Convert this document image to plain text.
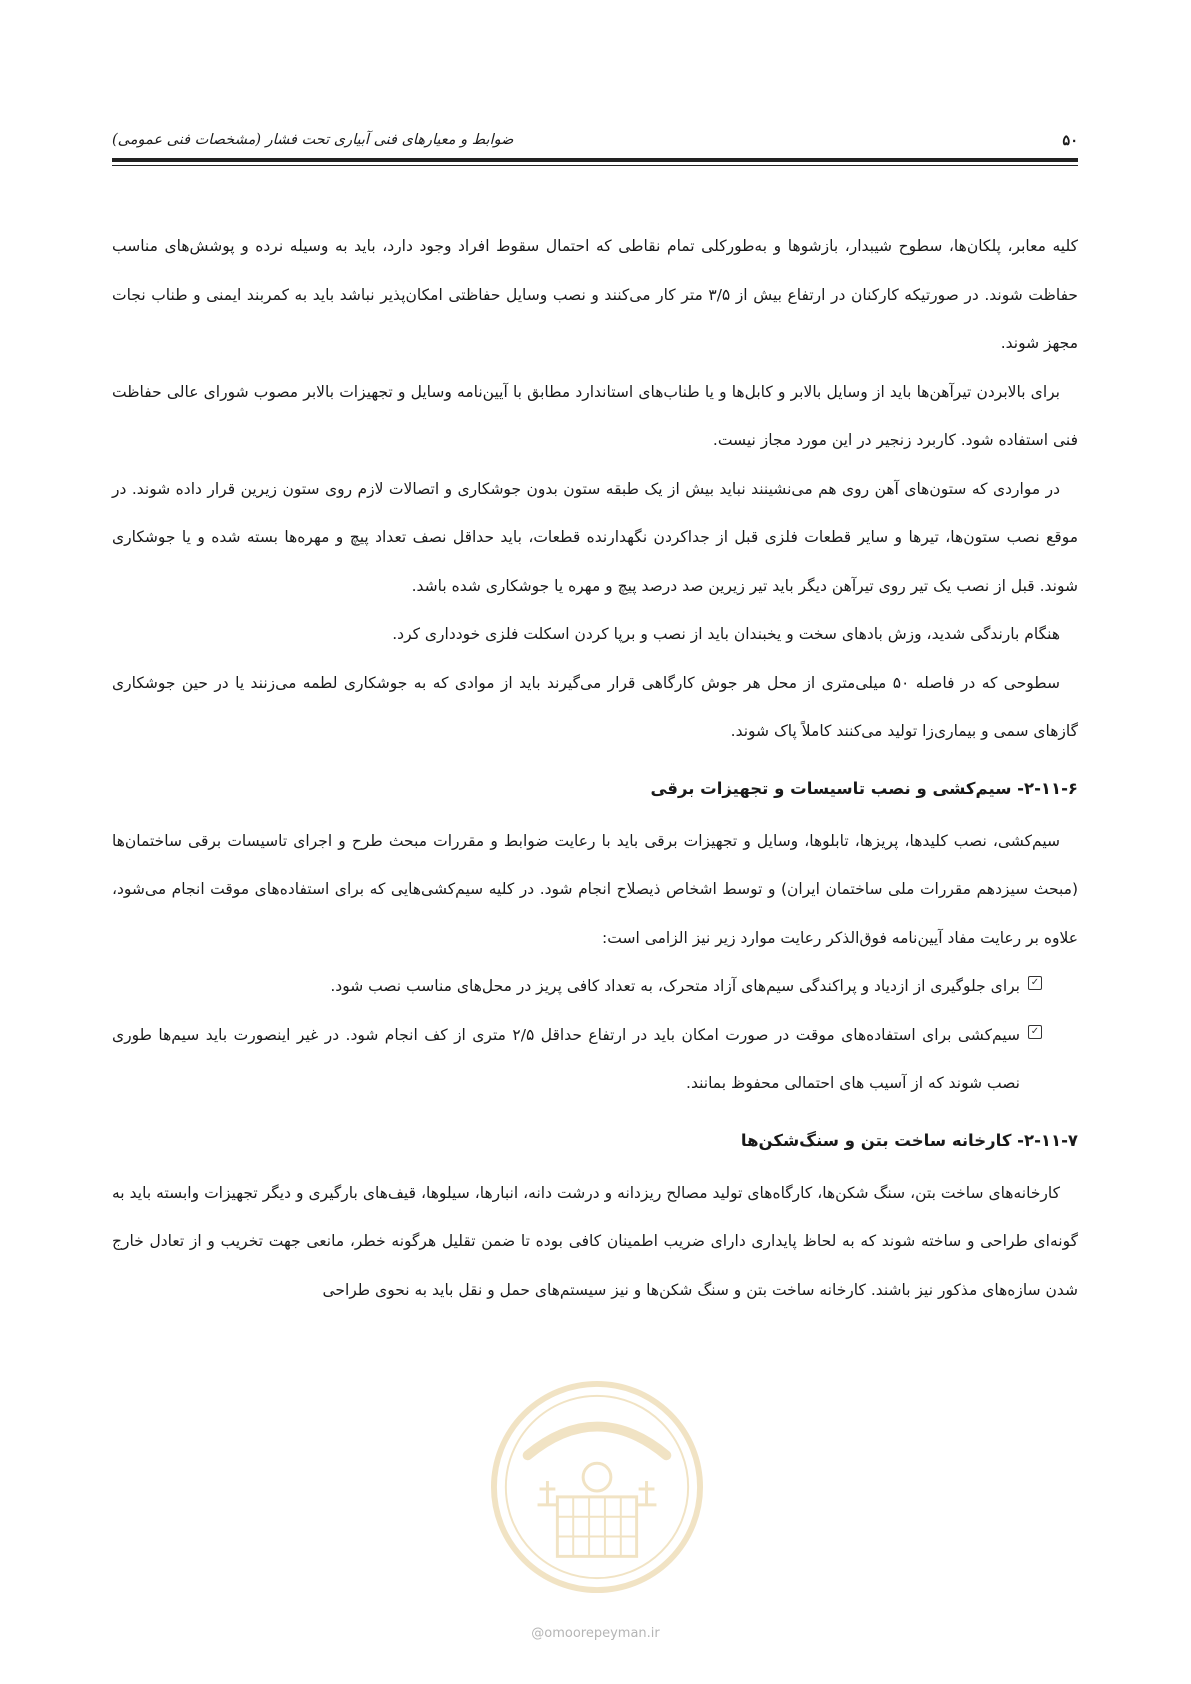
۵۰
ضوابط و معیارهای فنی آبیاری تحت فشار (مشخصات فنی عمومی)

کلیه معابر، پلکان‌ها، سطوح شیبدار، بازشوها و به‌طورکلی تمام نقاطی که احتمال سقوط افراد وجود دارد، باید به وسیله نرده و پوشش‌های مناسب حفاظت شوند. در صورتیکه کارکنان در ارتفاع بیش از ۳/۵ متر کار می‌کنند و نصب وسایل حفاظتی امکان‌پذیر نباشد باید به کمربند ایمنی و طناب نجات مجهز شوند.

برای بالابردن تیرآهن‌ها باید از وسایل بالابر و کابل‌ها و یا طناب‌های استاندارد مطابق با آیین‌نامه وسایل و تجهیزات بالابر مصوب شورای عالی حفاظت فنی استفاده شود. کاربرد زنجیر در این مورد مجاز نیست.

در مواردی که ستون‌های آهن روی هم می‌نشینند نباید بیش از یک طبقه ستون بدون جوشکاری و اتصالات لازم روی ستون زیرین قرار داده شوند. در موقع نصب ستون‌ها، تیرها و سایر قطعات فلزی قبل از جداکردن نگهدارنده قطعات، باید حداقل نصف تعداد پیچ و مهره‌ها بسته شده و یا جوشکاری شوند. قبل از نصب یک تیر روی تیرآهن دیگر باید تیر زیرین صد درصد پیچ و مهره یا جوشکاری شده باشد.

هنگام بارندگی شدید، وزش بادهای سخت و یخبندان باید از نصب و برپا کردن اسکلت فلزی خودداری کرد.

سطوحی که در فاصله ۵۰ میلی‌متری از محل هر جوش کارگاهی قرار می‌گیرند باید از موادی که به جوشکاری لطمه می‌زنند یا در حین جوشکاری گازهای سمی و بیماری‌زا تولید می‌کنند کاملاً پاک شوند.

۲-۱۱-۶- سیم‌کشی و نصب تاسیسات و تجهیزات برقی

سیم‌کشی، نصب کلیدها، پریزها، تابلوها، وسایل و تجهیزات برقی باید با رعایت ضوابط و مقررات مبحث طرح و اجرای تاسیسات برقی ساختمان‌ها (مبحث سیزدهم مقررات ملی ساختمان ایران) و توسط اشخاص ذیصلاح انجام شود. در کلیه سیم‌کشی‌هایی که برای استفاده‌های موقت انجام می‌شود، علاوه بر رعایت مفاد آیین‌نامه فوق‌الذکر رعایت موارد زیر نیز الزامی است:

✓
برای جلوگیری از ازدیاد و پراکندگی سیم‌های آزاد متحرک، به تعداد کافی پریز در محل‌های مناسب نصب شود.
✓
سیم‌کشی برای استفاده‌های موقت در صورت امکان باید در ارتفاع حداقل ۲/۵ متری از کف انجام شود. در غیر اینصورت باید سیم‌ها طوری نصب شوند که از آسیب های احتمالی محفوظ بمانند.
۲-۱۱-۷- کارخانه ساخت بتن و سنگ‌شکن‌ها

کارخانه‌های ساخت بتن، سنگ شکن‌ها، کارگاه‌های تولید مصالح ریزدانه و درشت دانه، انبارها، سیلوها، قیف‌های بارگیری و دیگر تجهیزات وابسته باید به گونه‌ای طراحی و ساخته شوند که به لحاظ پایداری دارای ضریب اطمینان کافی بوده تا ضمن تقلیل هرگونه خطر، مانعی جهت تخریب و از تعادل خارج شدن سازه‌های مذکور نیز باشند. کارخانه ساخت بتن و سنگ شکن‌ها و نیز سیستم‌های حمل و نقل باید به نحوی طراحی

@omoorepeyman.ir
